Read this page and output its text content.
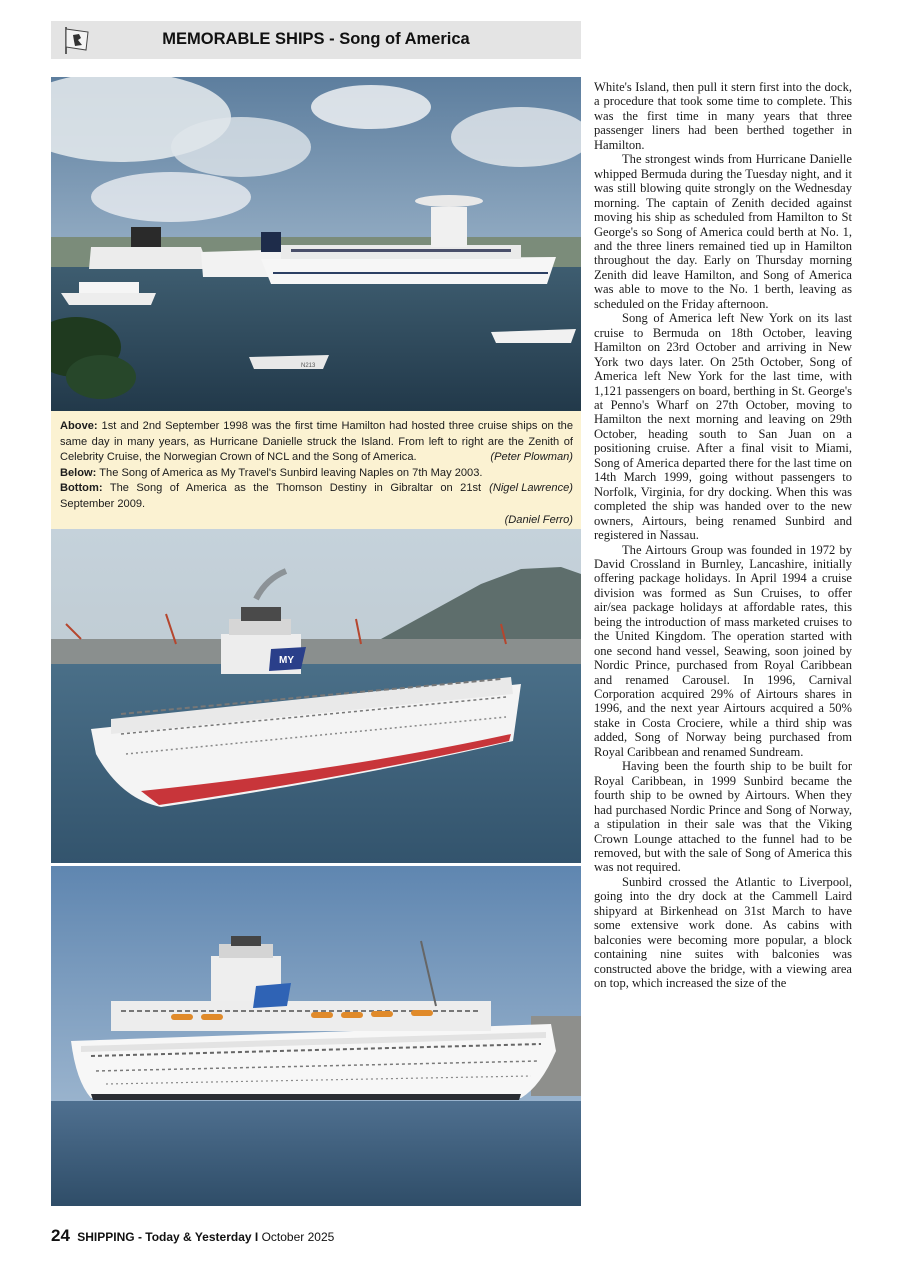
MEMORABLE SHIPS - Song of America
N213

Above: 1st and 2nd September 1998 was the first time Hamilton had hosted three cruise ships on the same day in many years, as Hurricane Danielle struck the Island. From left to right are the Zenith of Celebrity Cruise, the Norwegian Crown of NCL and the Song of America.	(Peter Plowman)

Below: The Song of America as My Travel's Sunbird leaving Naples on 7th May 2003.
(Nigel Lawrence)

Bottom: The Song of America as the Thomson Destiny in Gibraltar on 21st September 2009.

(Daniel Ferro)

MY

White's Island, then pull it stern first into the dock, a procedure that took some time to complete. This was the first time in many years that three passenger liners had been berthed together in Hamilton.

The strongest winds from Hurricane Danielle whipped Bermuda during the Tuesday night, and it was still blowing quite strongly on the Wednesday morning. The captain of Zenith decided against moving his ship as scheduled from Hamilton to St George's so Song of America could berth at No. 1, and the three liners remained tied up in Hamilton throughout the day. Early on Thursday morning Zenith did leave Hamilton, and Song of America was able to move to the No. 1 berth, leaving as scheduled on the Friday afternoon.

Song of America left New York on its last cruise to Bermuda on 18th October, leaving Hamilton on 23rd October and arriving in New York two days later. On 25th October, Song of America left New York for the last time, with 1,121 passengers on board, berthing in St. George's at Penno's Wharf on 27th October, moving to Hamilton the next morning and leaving on 29th October, heading south to San Juan on a positioning cruise. After a final visit to Miami, Song of America departed there for the last time on 14th March 1999, going without passengers to Norfolk, Virginia, for dry docking. When this was completed the ship was handed over to the new owners, Airtours, being renamed Sunbird and registered in Nassau.

The Airtours Group was founded in 1972 by David Crossland in Burnley, Lancashire, initially offering package holidays. In April 1994 a cruise division was formed as Sun Cruises, to offer air/sea package holidays at affordable rates, this being the introduction of mass marketed cruises to the United Kingdom. The operation started with one second hand vessel, Seawing, soon joined by Nordic Prince, purchased from Royal Caribbean and renamed Carousel. In 1996, Carnival Corporation acquired 29% of Airtours shares in 1996, and the next year Airtours acquired a 50% stake in Costa Crociere, while a third ship was added, Song of Norway being purchased from Royal Caribbean and renamed Sundream.

Having been the fourth ship to be built for Royal Caribbean, in 1999 Sunbird became the fourth ship to be owned by Airtours. When they had purchased Nordic Prince and Song of Norway, a stipulation in their sale was that the Viking Crown Lounge attached to the funnel had to be removed, but with the sale of Song of America this was not required.

Sunbird crossed the Atlantic to Liverpool, going into the dry dock at the Cammell Laird shipyard at Birkenhead on 31st March to have some extensive work done. As cabins with balconies were becoming more popular, a block containing nine suites with balconies was constructed above the bridge, with a viewing area on top, which increased the size of the

24 SHIPPING - Today & Yesterday I October 2025
